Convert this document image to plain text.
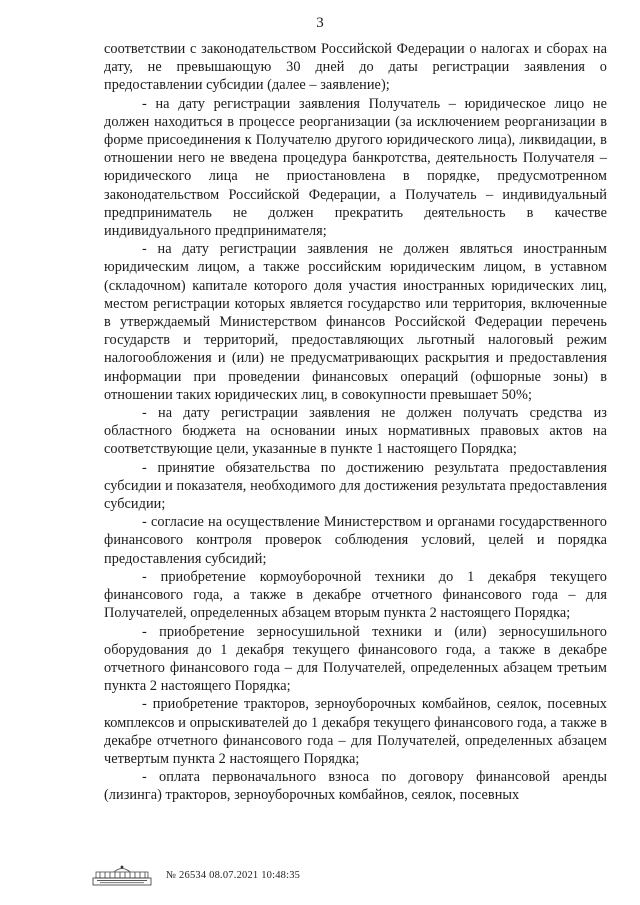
3

соответствии с законодательством Российской Федерации о налогах и сборах на дату, не превышающую 30 дней до даты регистрации заявления о предоставлении субсидии (далее – заявление);

- на дату регистрации заявления Получатель – юридическое лицо не должен находиться в процессе реорганизации (за исключением реорганизации в форме присоединения к Получателю другого юридического лица), ликвидации, в отношении него не введена процедура банкротства, деятельность Получателя – юридического лица не приостановлена в порядке, предусмотренном законодательством Российской Федерации, а Получатель – индивидуальный предприниматель не должен прекратить деятельность в качестве индивидуального предпринимателя;

- на дату регистрации заявления не должен являться иностранным юридическим лицом, а также российским юридическим лицом, в уставном (складочном) капитале которого доля участия иностранных юридических лиц, местом регистрации которых является государство или территория, включенные в утверждаемый Министерством финансов Российской Федерации перечень государств и территорий, предоставляющих льготный налоговый режим налогообложения и (или) не предусматривающих раскрытия и предоставления информации при проведении финансовых операций (офшорные зоны) в отношении таких юридических лиц, в совокупности превышает 50%;

- на дату регистрации заявления не должен получать средства из областного бюджета на основании иных нормативных правовых актов на соответствующие цели, указанные в пункте 1 настоящего Порядка;

- принятие обязательства по достижению результата предоставления субсидии и показателя, необходимого для достижения результата предоставления субсидии;

- согласие на осуществление Министерством и органами государственного финансового контроля проверок соблюдения условий, целей и порядка предоставления субсидий;

- приобретение кормоуборочной техники до 1 декабря текущего финансового года, а также в декабре отчетного финансового года – для Получателей, определенных абзацем вторым пункта 2 настоящего Порядка;

- приобретение зерносушильной техники и (или) зерносушильного оборудования до 1 декабря текущего финансового года, а также в декабре отчетного финансового года – для Получателей, определенных абзацем третьим пункта 2 настоящего Порядка;

- приобретение тракторов, зерноуборочных комбайнов, сеялок, посевных комплексов и опрыскивателей до 1 декабря текущего финансового года, а также в декабре отчетного финансового года – для Получателей, определенных абзацем четвертым пункта 2 настоящего Порядка;

- оплата первоначального взноса по договору финансовой аренды (лизинга) тракторов, зерноуборочных комбайнов, сеялок, посевных

№ 26534 08.07.2021 10:48:35
